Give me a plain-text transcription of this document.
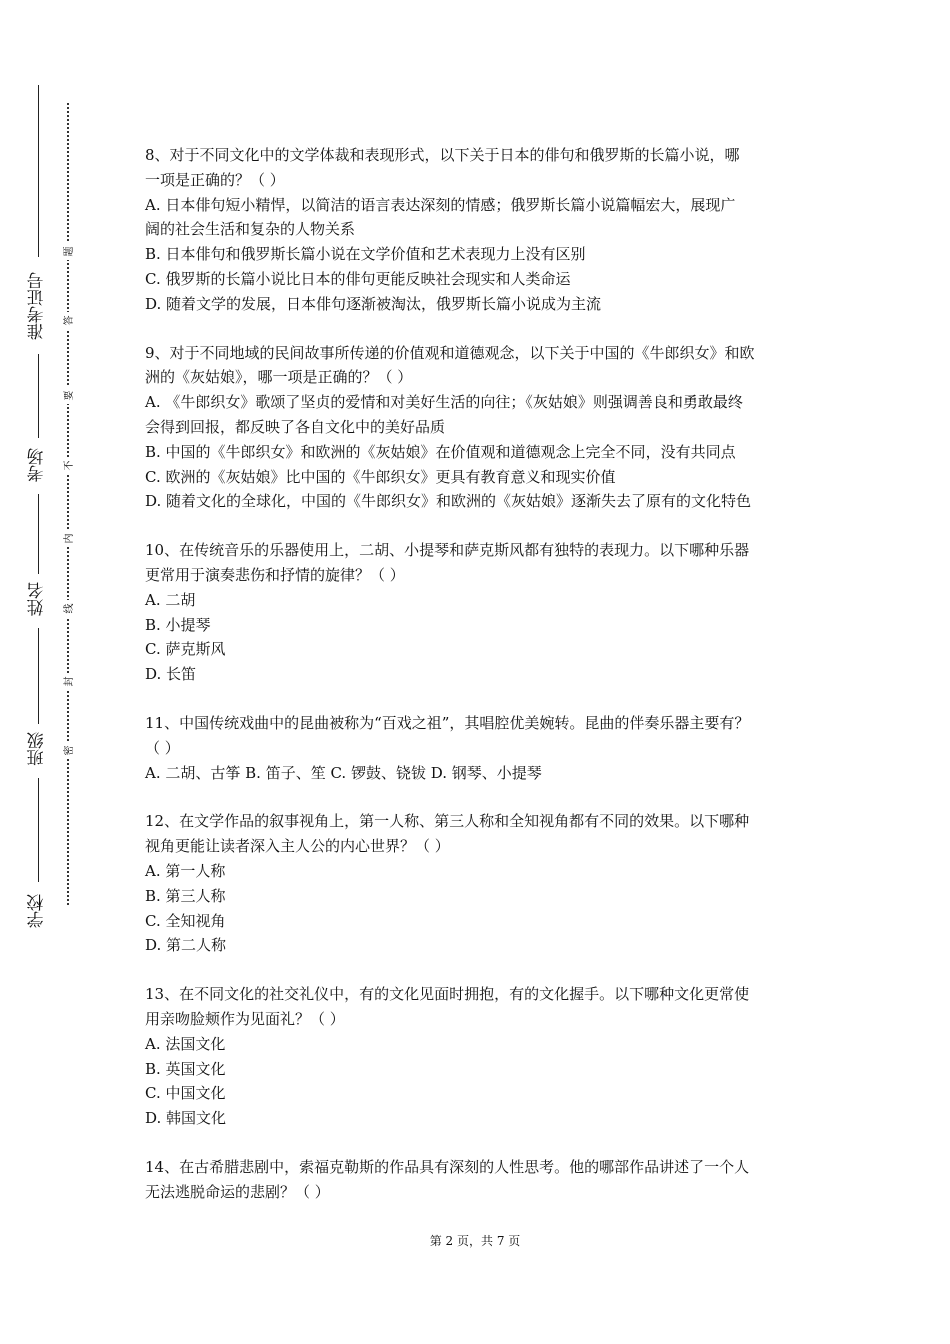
准考证号
考场
姓名
班级
学校
题
答
要
不
内
线
封
密
8、对于不同文化中的文学体裁和表现形式，以下关于日本的俳句和俄罗斯的长篇小说，哪
一项是正确的？（ ）
A. 日本俳句短小精悍，以简洁的语言表达深刻的情感；俄罗斯长篇小说篇幅宏大，展现广
阔的社会生活和复杂的人物关系
B. 日本俳句和俄罗斯长篇小说在文学价值和艺术表现力上没有区别
C. 俄罗斯的长篇小说比日本的俳句更能反映社会现实和人类命运
D. 随着文学的发展，日本俳句逐渐被淘汰，俄罗斯长篇小说成为主流
9、对于不同地域的民间故事所传递的价值观和道德观念，以下关于中国的《牛郎织女》和欧
洲的《灰姑娘》，哪一项是正确的？（ ）
A. 《牛郎织女》歌颂了坚贞的爱情和对美好生活的向往；《灰姑娘》则强调善良和勇敢最终
会得到回报，都反映了各自文化中的美好品质
B. 中国的《牛郎织女》和欧洲的《灰姑娘》在价值观和道德观念上完全不同，没有共同点
C. 欧洲的《灰姑娘》比中国的《牛郎织女》更具有教育意义和现实价值
D. 随着文化的全球化，中国的《牛郎织女》和欧洲的《灰姑娘》逐渐失去了原有的文化特色
10、在传统音乐的乐器使用上，二胡、小提琴和萨克斯风都有独特的表现力。以下哪种乐器
更常用于演奏悲伤和抒情的旋律？（ ）
A. 二胡
B. 小提琴
C. 萨克斯风
D. 长笛
11、中国传统戏曲中的昆曲被称为“百戏之祖”，其唱腔优美婉转。昆曲的伴奏乐器主要有？
（ ）
A. 二胡、古筝 B. 笛子、笙 C. 锣鼓、铙钹 D. 钢琴、小提琴
12、在文学作品的叙事视角上，第一人称、第三人称和全知视角都有不同的效果。以下哪种
视角更能让读者深入主人公的内心世界？（ ）
A. 第一人称
B. 第三人称
C. 全知视角
D. 第二人称
13、在不同文化的社交礼仪中，有的文化见面时拥抱，有的文化握手。以下哪种文化更常使
用亲吻脸颊作为见面礼？（ ）
A. 法国文化
B. 英国文化
C. 中国文化
D. 韩国文化
14、在古希腊悲剧中，索福克勒斯的作品具有深刻的人性思考。他的哪部作品讲述了一个人
无法逃脱命运的悲剧？（ ）
第 2 页，共 7 页
